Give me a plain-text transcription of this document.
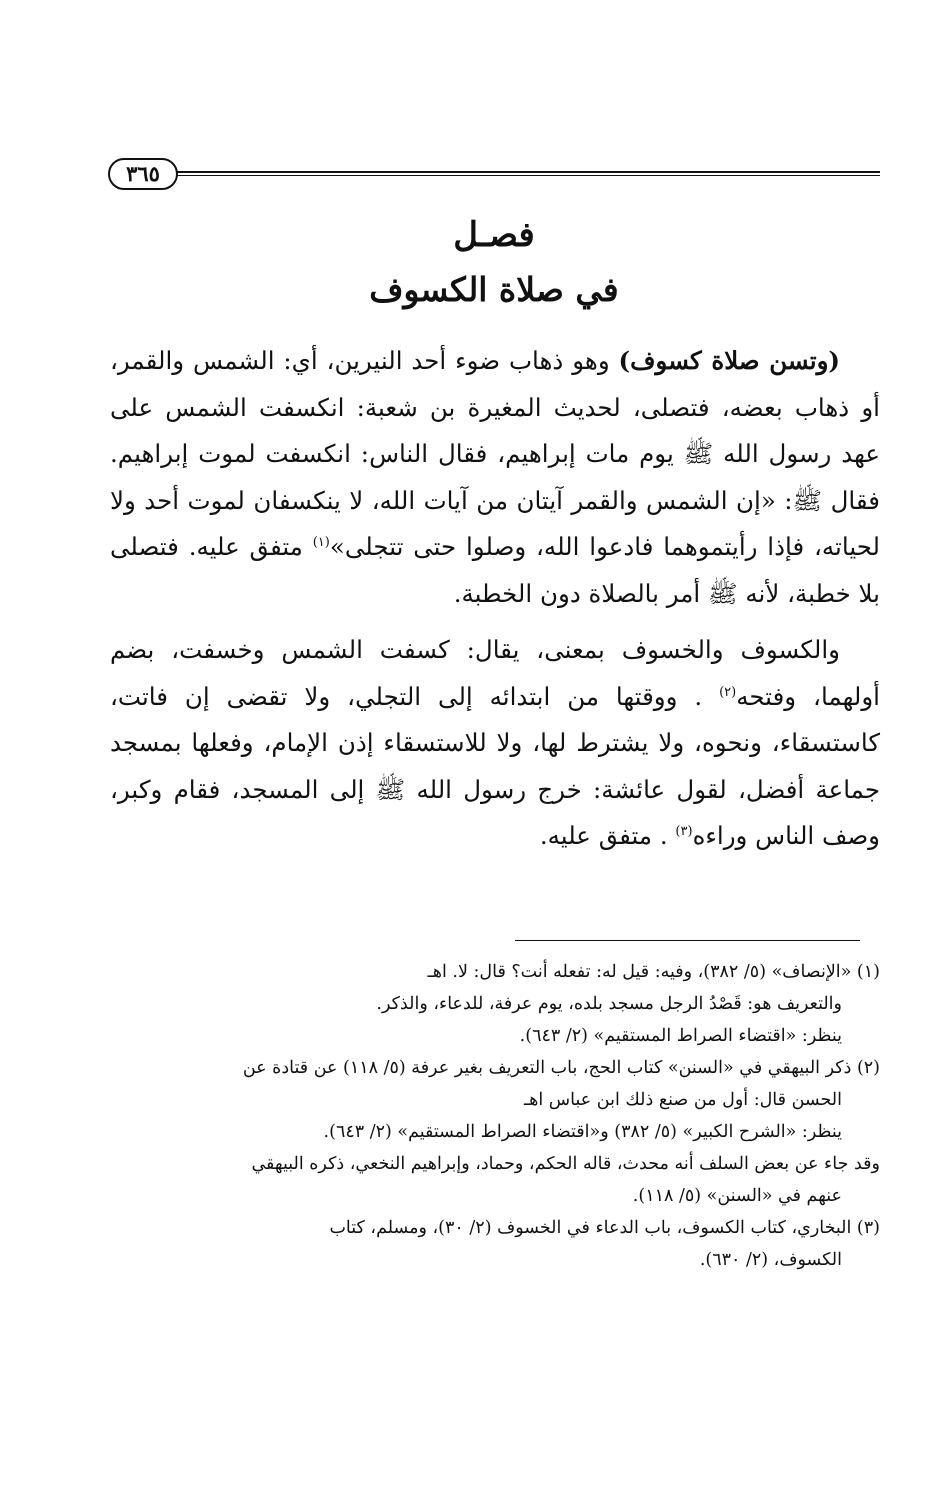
٣٦٥
فصـل
في صلاة الكسوف

(وتسن صلاة كسوف) وهو ذهاب ضوء أحد النيرين، أي: الشمس والقمر، أو ذهاب بعضه، فتصلى، لحديث المغيرة بن شعبة: انكسفت الشمس على عهد رسول الله ﷺ يوم مات إبراهيم، فقال الناس: انكسفت لموت إبراهيم. فقال ﷺ: «إن الشمس والقمر آيتان من آيات الله، لا ينكسفان لموت أحد ولا لحياته، فإذا رأيتموهما فادعوا الله، وصلوا حتى تتجلى»$^{(١)}$ متفق عليه. فتصلى بلا خطبة، لأنه ﷺ أمر بالصلاة دون الخطبة.

والكسوف والخسوف بمعنى، يقال: كسفت الشمس وخسفت، بضم أولهما، وفتحه$^{(٢)}$ . ووقتها من ابتدائه إلى التجلي، ولا تقضى إن فاتت، كاستسقاء، ونحوه، ولا يشترط لها، ولا للاستسقاء إذن الإمام، وفعلها بمسجد جماعة أفضل، لقول عائشة: خرج رسول الله ﷺ إلى المسجد، فقام وكبر، وصف الناس وراءه$^{(٣)}$ . متفق عليه.

(١) «الإنصاف» (٥/ ٣٨٢)، وفيه: قيل له: تفعله أنت؟ قال: لا. اهـ

والتعريف هو: قَصْدُ الرجل مسجد بلده، يوم عرفة، للدعاء، والذكر.

ينظر: «اقتضاء الصراط المستقيم» (٢/ ٦٤٣).

(٢) ذكر البيهقي في «السنن» كتاب الحج، باب التعريف بغير عرفة (٥/ ١١٨) عن قتادة عن

الحسن قال: أول من صنع ذلك ابن عباس اهـ

ينظر: «الشرح الكبير» (٥/ ٣٨٢) و«اقتضاء الصراط المستقيم» (٢/ ٦٤٣).

وقد جاء عن بعض السلف أنه محدث، قاله الحكم، وحماد، وإبراهيم النخعي، ذكره البيهقي

عنهم في «السنن» (٥/ ١١٨).

(٣) البخاري، كتاب الكسوف، باب الدعاء في الخسوف (٢/ ٣٠)، ومسلم، كتاب

الكسوف، (٢/ ٦٣٠).
